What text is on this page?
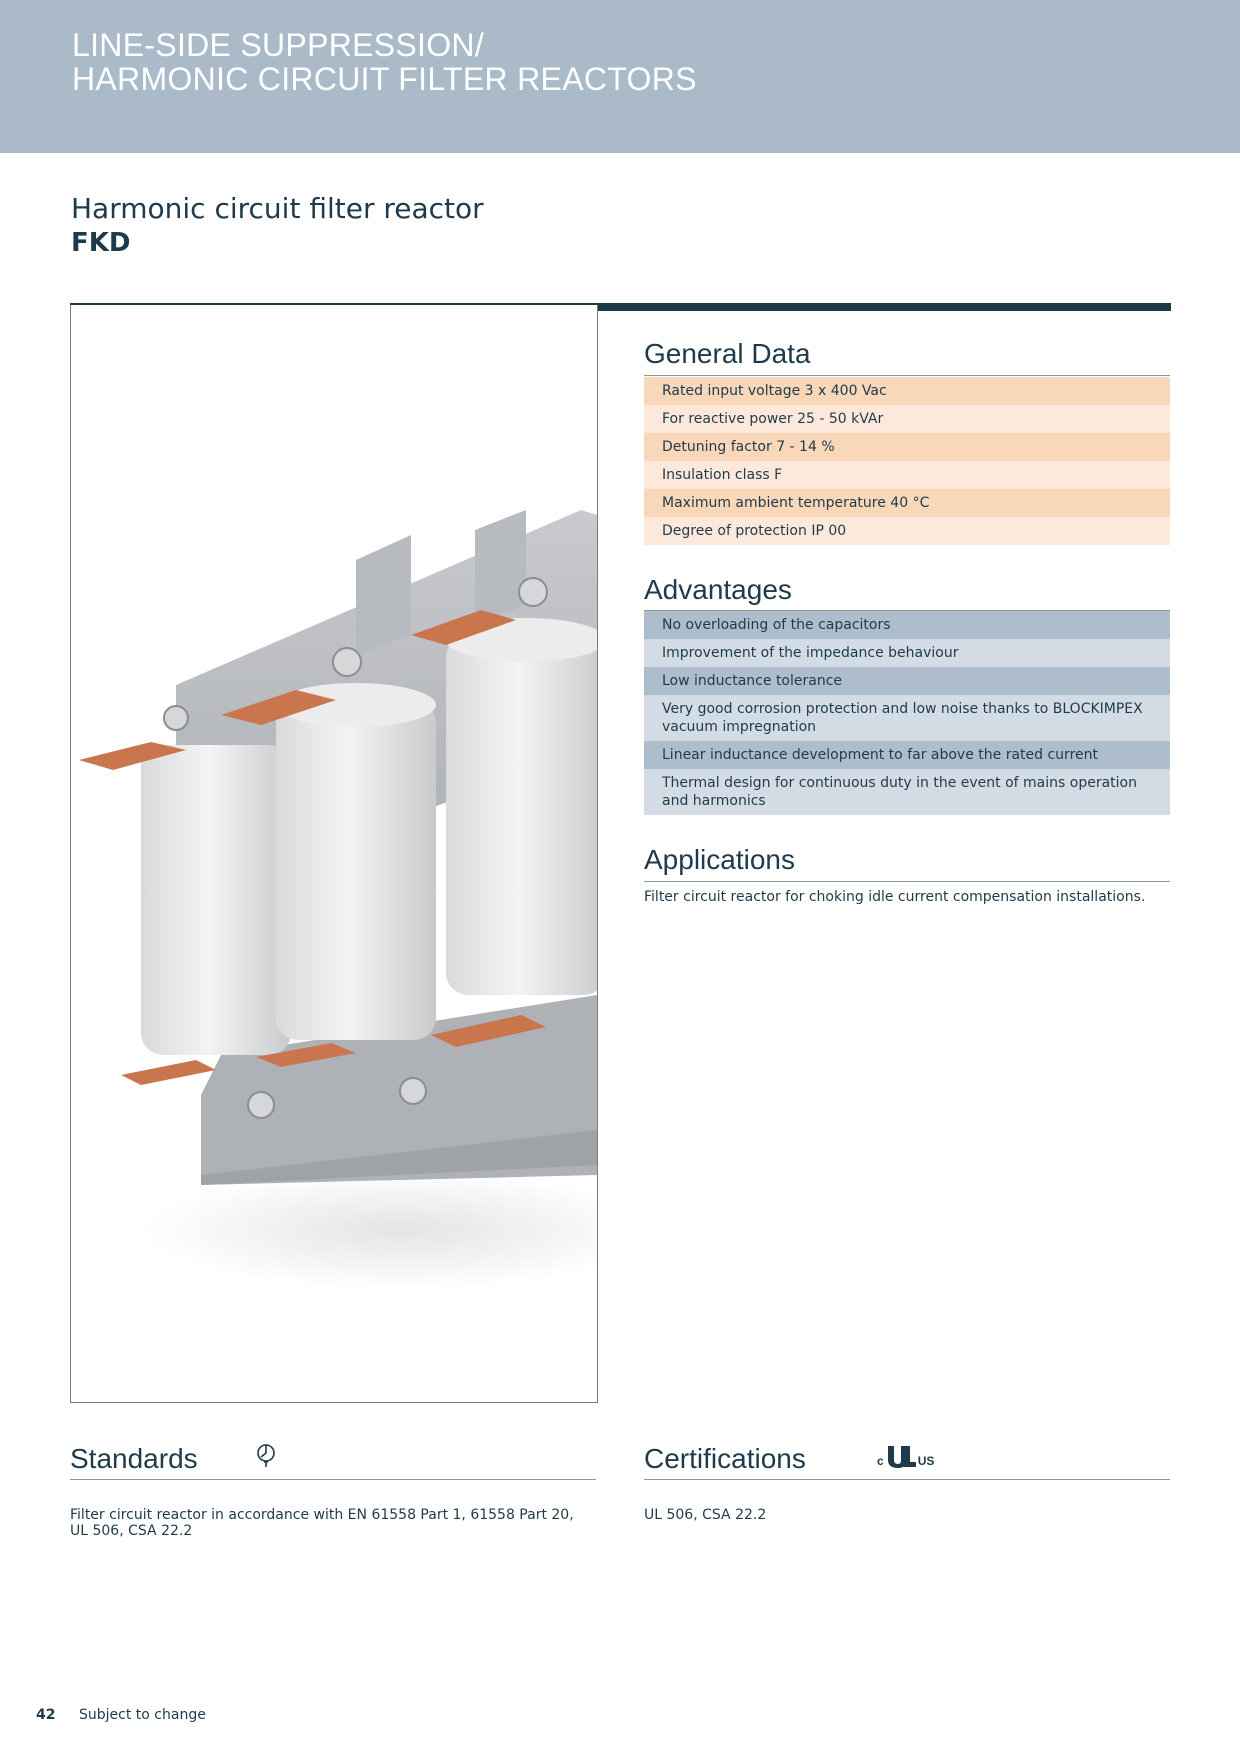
LINE-SIDE SUPPRESSION/
HARMONIC CIRCUIT FILTER REACTORS
Harmonic circuit filter reactor
FKD
General Data
Rated input voltage 3 x 400 Vac
For reactive power 25 - 50 kVAr
Detuning factor 7 - 14 %
Insulation class F
Maximum ambient temperature 40 °C
Degree of protection IP 00
Advantages
No overloading of the capacitors
Improvement of the impedance behaviour
Low inductance tolerance
Very good corrosion protection and low noise thanks to BLOCKIMPEX vacuum impregnation
Linear inductance development to far above the rated current
Thermal design for continuous duty in the event of mains operation and harmonics
Applications

Filter circuit reactor for choking idle current compensation installations.

Standards

Filter circuit reactor in accordance with EN 61558 Part 1, 61558 Part 20, UL 506, CSA 22.2

Certifications	c	US

UL 506, CSA 22.2

42 Subject to change
